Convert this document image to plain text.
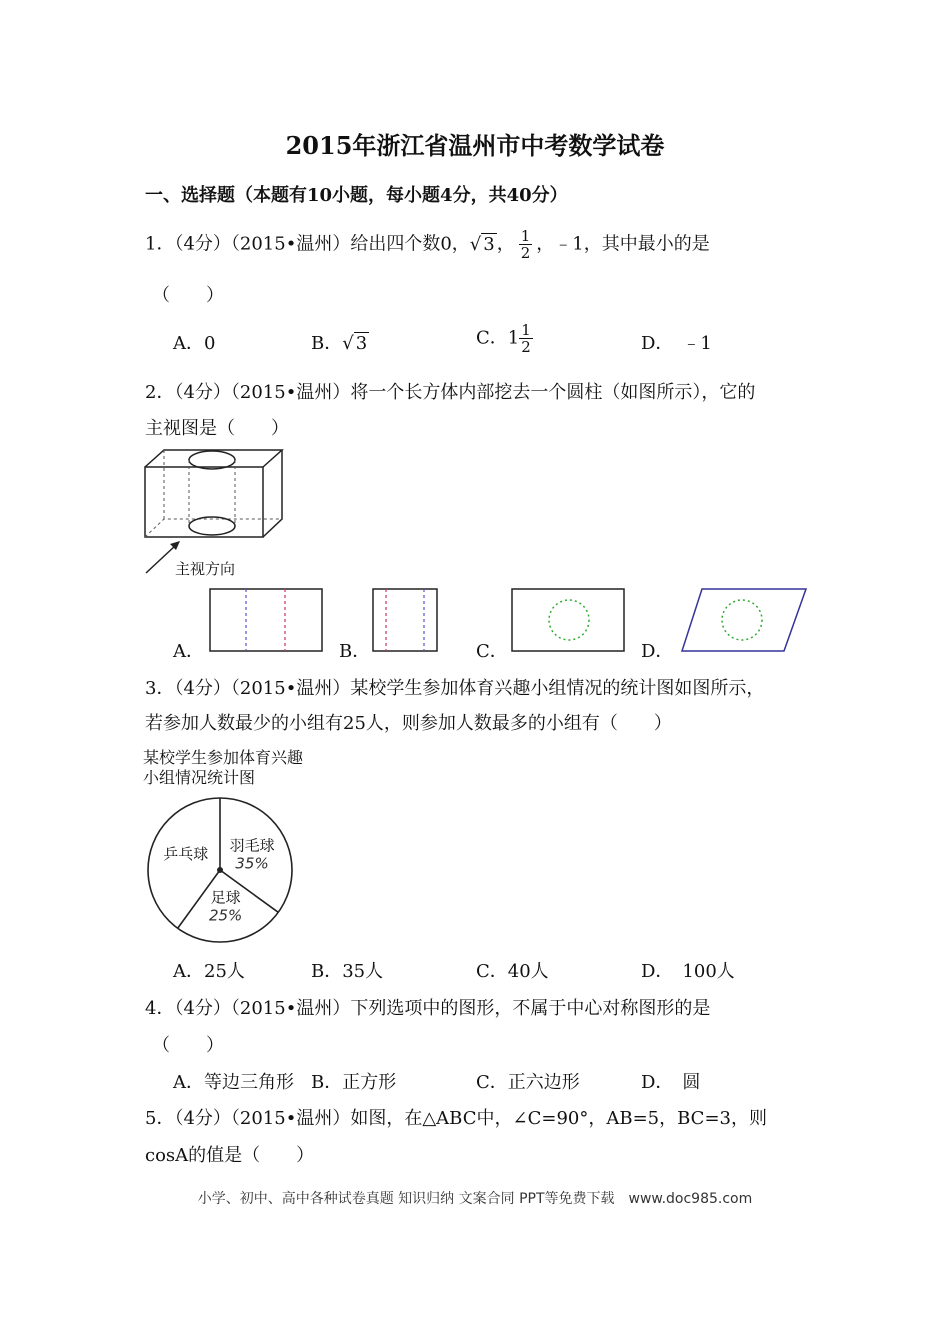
2015年浙江省温州市中考数学试卷
一、选择题（本题有10小题，每小题4分，共40分）
1．（4分）（2015•温州）给出四个数0，√ 3 ， $\frac{1}{2}$ ，﹣1，其中最小的是
（　　）
A．0	B．√ 3	C．$1 \frac{1}{2}$	D．　﹣1
2．（4分）（2015•温州）将一个长方体内部挖去一个圆柱（如图所示），它的
主视图是（　　）
主视方向
A．	B．	C．	D．
3．（4分）（2015•温州）某校学生参加体育兴趣小组情况的统计图如图所示，
若参加人数最少的小组有25人，则参加人数最多的小组有（　　）
某校学生参加体育兴趣
小组情况统计图
羽毛球
35%
足球
25%
乒乓球
A．25人	B．35人	C．40人	D．　100人
4．（4分）（2015•温州）下列选项中的图形，不属于中心对称图形的是
（　　）
A．等边三角形 B．正方形	C．正六边形	D．　圆
5．（4分）（2015•温州）如图，在△ABC中，∠C=90°，AB=5，BC=3，则
cosA的值是（　　）
小学、初中、高中各种试卷真题 知识归纳 文案合同 PPT等免费下载　www.doc985.com
